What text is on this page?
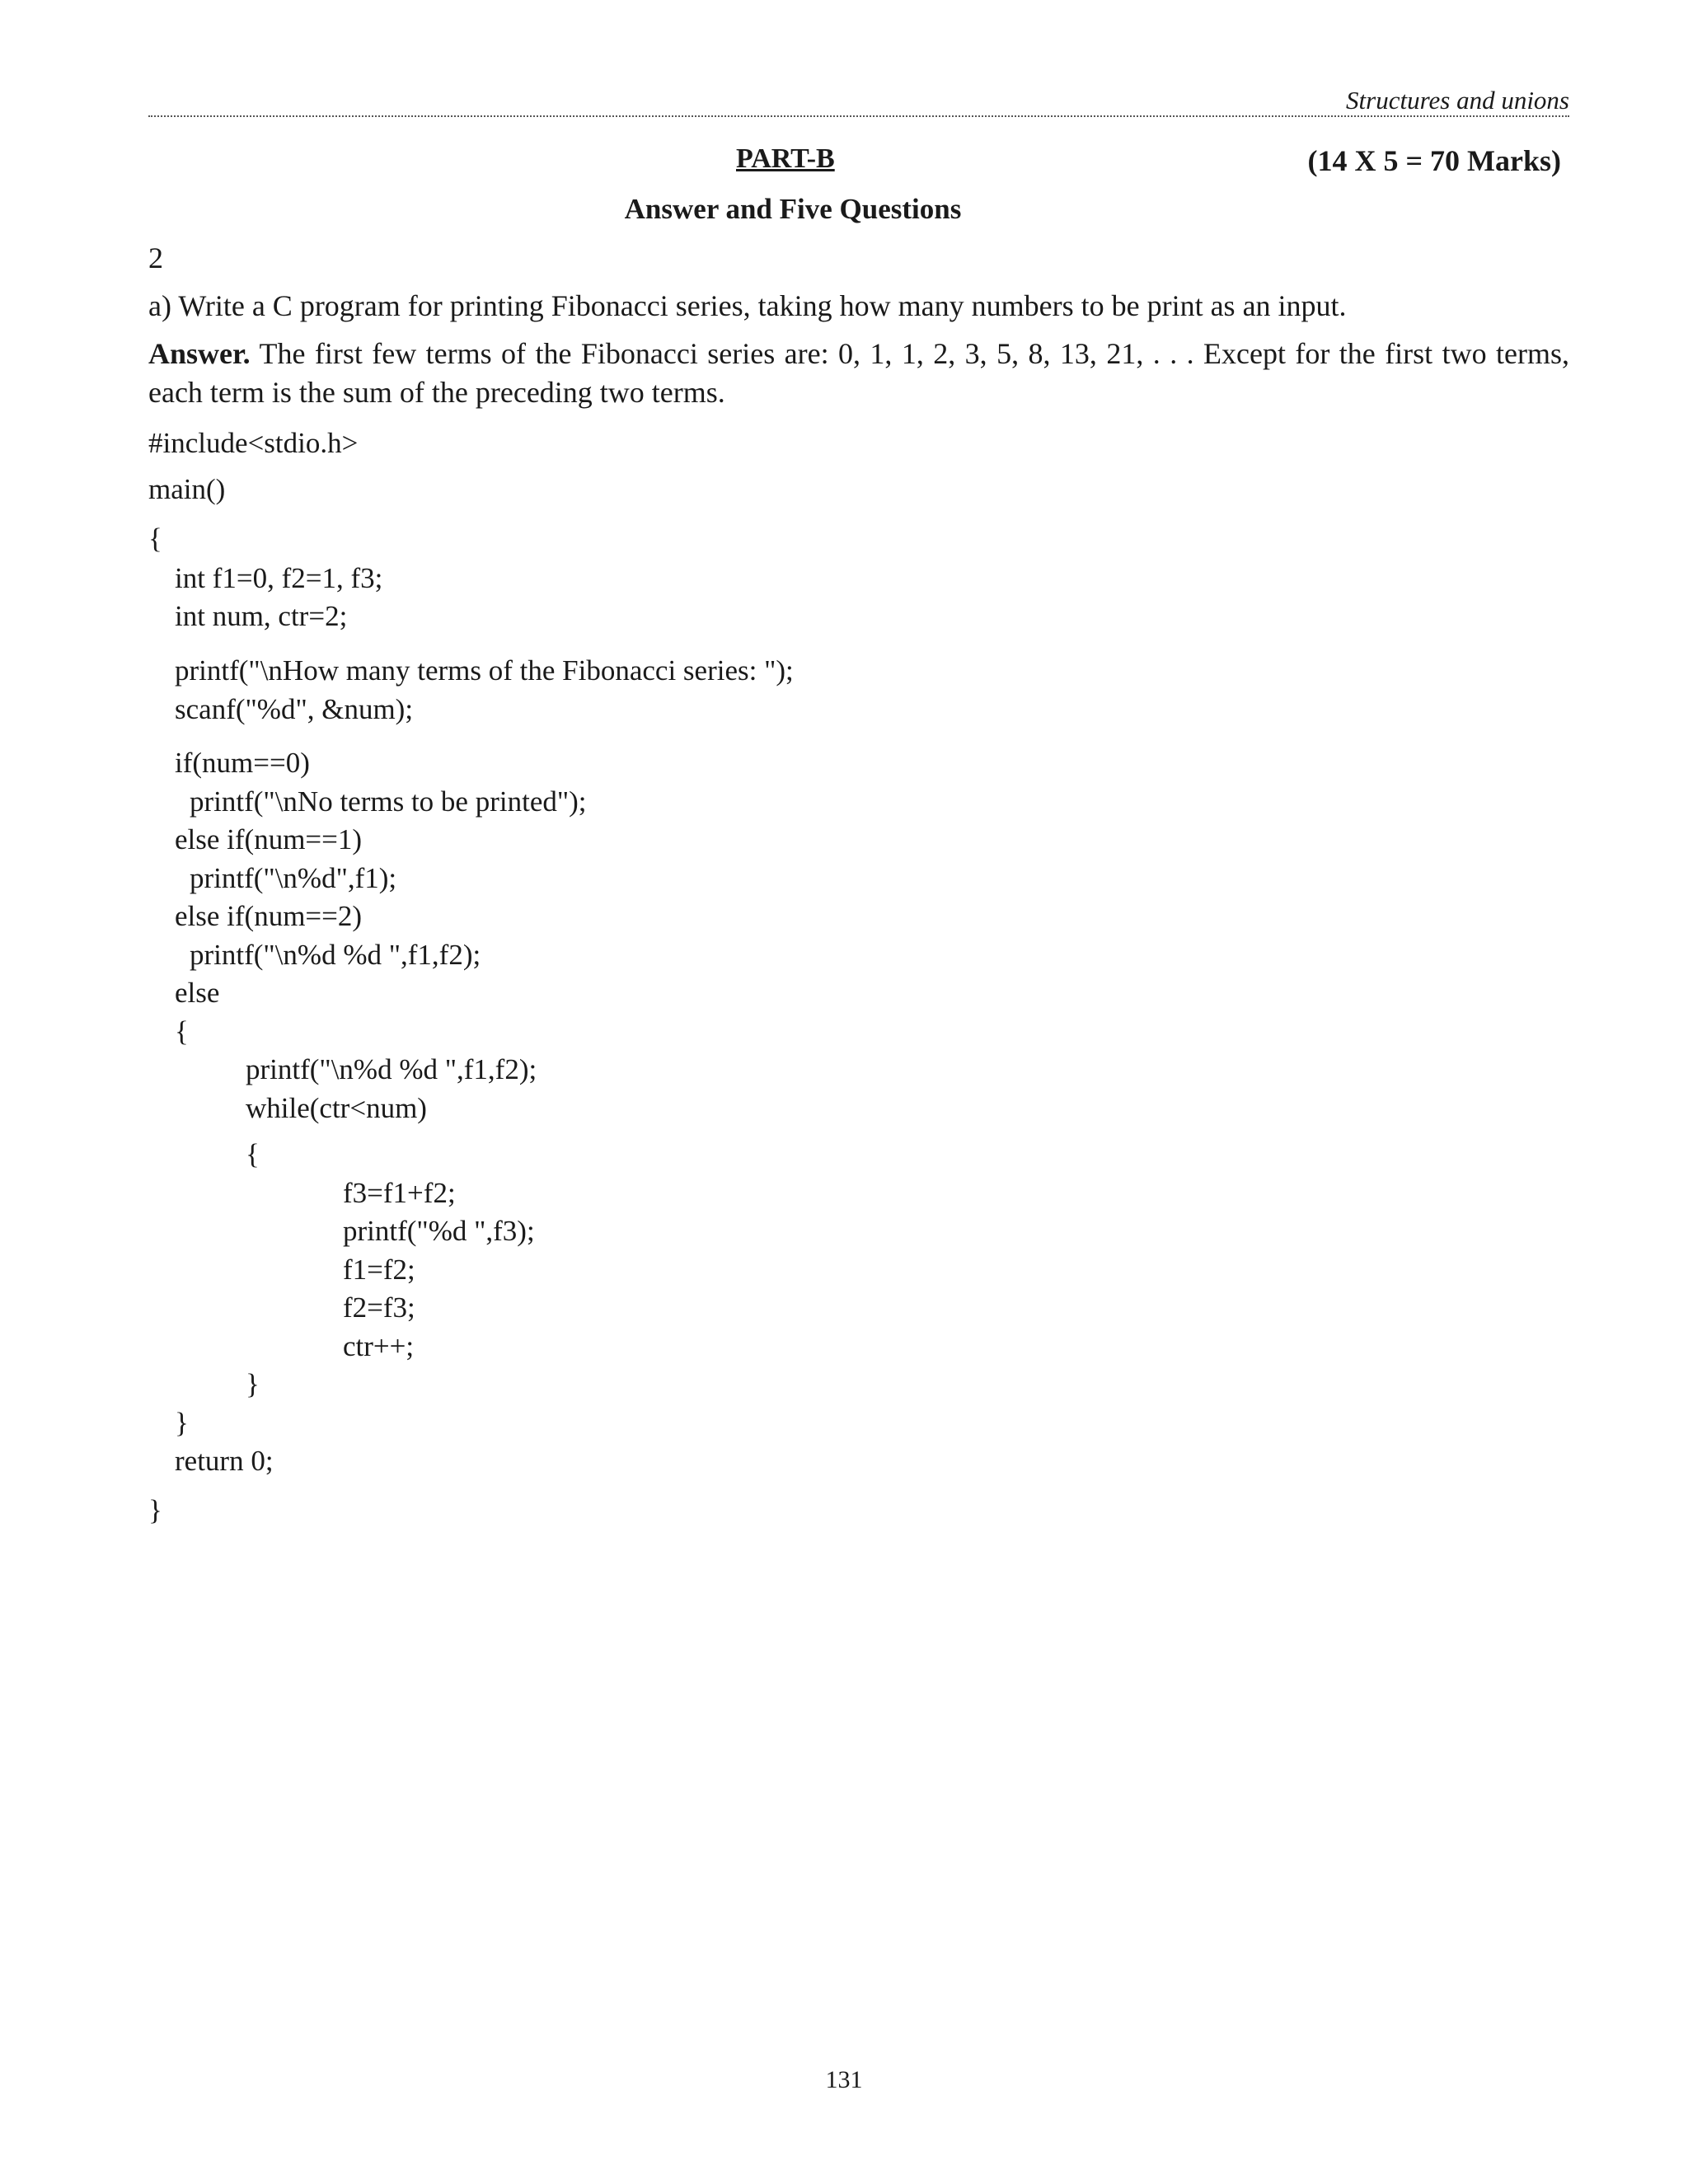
Structures and unions
PART-B	(14 X 5 = 70 Marks)
Answer and Five Questions
2
a) Write a C program for printing Fibonacci series, taking how many numbers to be print as an input.
Answer. The first few terms of the Fibonacci series are: 0, 1, 1, 2, 3, 5, 8, 13, 21, . . . Except for the first two terms, each term is the sum of the preceding two terms.
#include<stdio.h>
main()
{
int f1=0, f2=1, f3;
int num, ctr=2;
printf("\nHow many terms of the Fibonacci series: ");
scanf("%d", &num);
if(num==0)
printf("\nNo terms to be printed");
else if(num==1)
printf("\n%d",f1);
else if(num==2)
printf("\n%d %d ",f1,f2);
else
{
printf("\n%d %d ",f1,f2);
while(ctr<num)
{
f3=f1+f2;
printf("%d ",f3);
f1=f2;
f2=f3;
ctr++;
}
}
return 0;
}
131
